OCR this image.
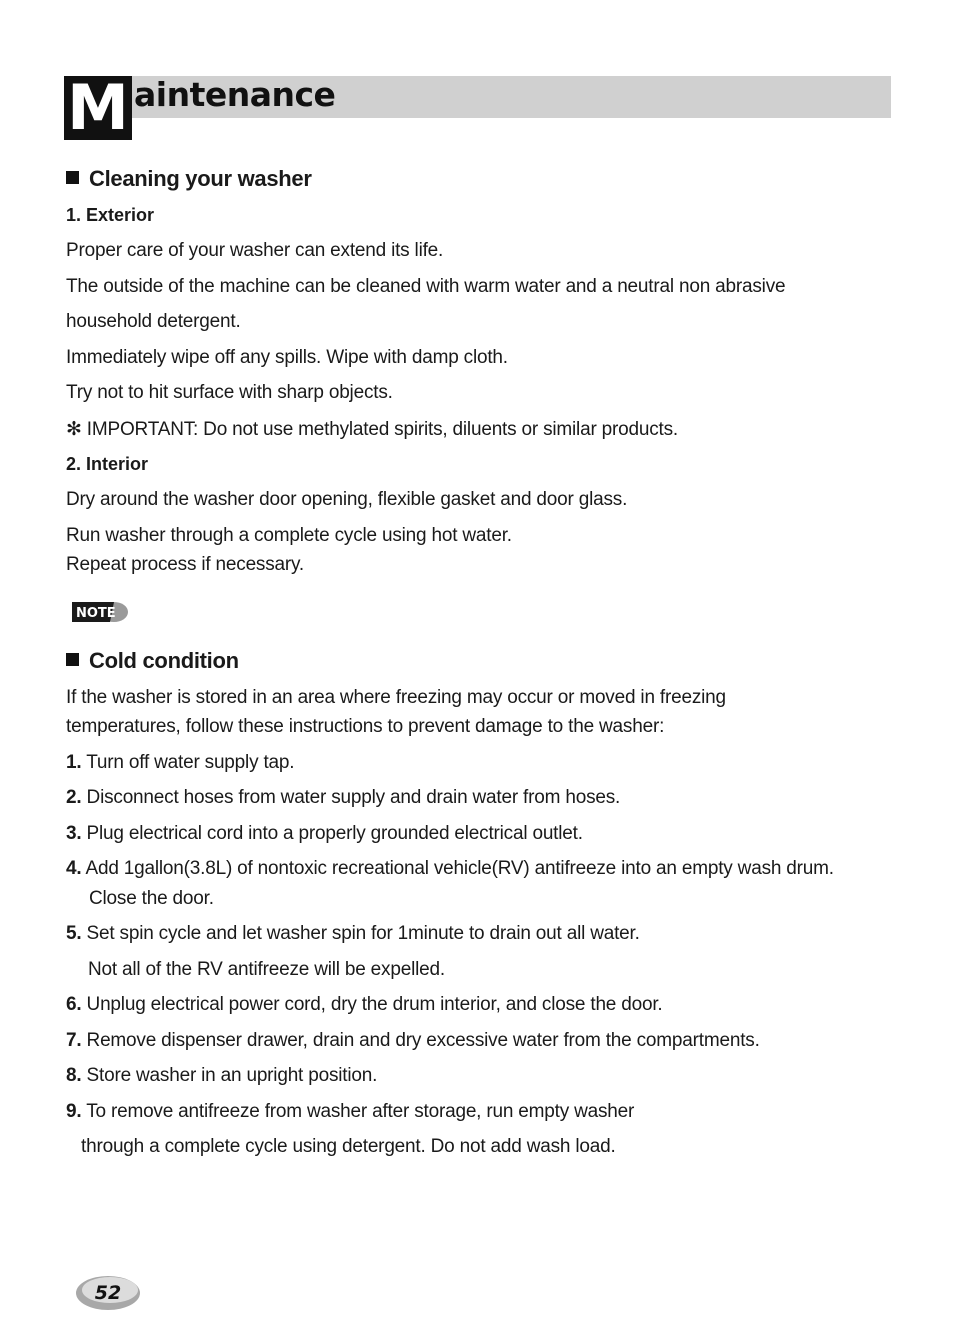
M aintenance
Cleaning your washer
1. Exterior
Proper care of your washer can extend its life.
The outside of the machine can be cleaned with warm water and a neutral non abrasive
household detergent.
Immediately wipe off any spills. Wipe with damp cloth.
Try not to hit surface with sharp objects.
✻ IMPORTANT: Do not use methylated spirits, diluents or similar products.
2. Interior
Dry around the washer door opening, flexible gasket and door glass.
Run washer through a complete cycle using hot water.
Repeat process if necessary.
NOTE
Cold condition
If the washer is stored in an area where freezing may occur or moved in freezing
temperatures, follow these instructions to prevent damage to the washer:
1. Turn off water supply tap.
2. Disconnect hoses from water supply and drain water from hoses.
3. Plug electrical cord into a properly grounded electrical outlet.
4. Add 1gallon(3.8L) of nontoxic recreational vehicle(RV) antifreeze into an empty wash drum.
Close the door.
5. Set spin cycle and let washer spin for 1minute to drain out all water.
Not all of the RV antifreeze will be expelled.
6. Unplug electrical power cord, dry the drum interior, and close the door.
7. Remove dispenser drawer, drain and dry excessive water from the compartments.
8. Store washer in an upright position.
9. To remove antifreeze from washer after storage, run empty washer
through a complete cycle using detergent. Do not add wash load.
52
